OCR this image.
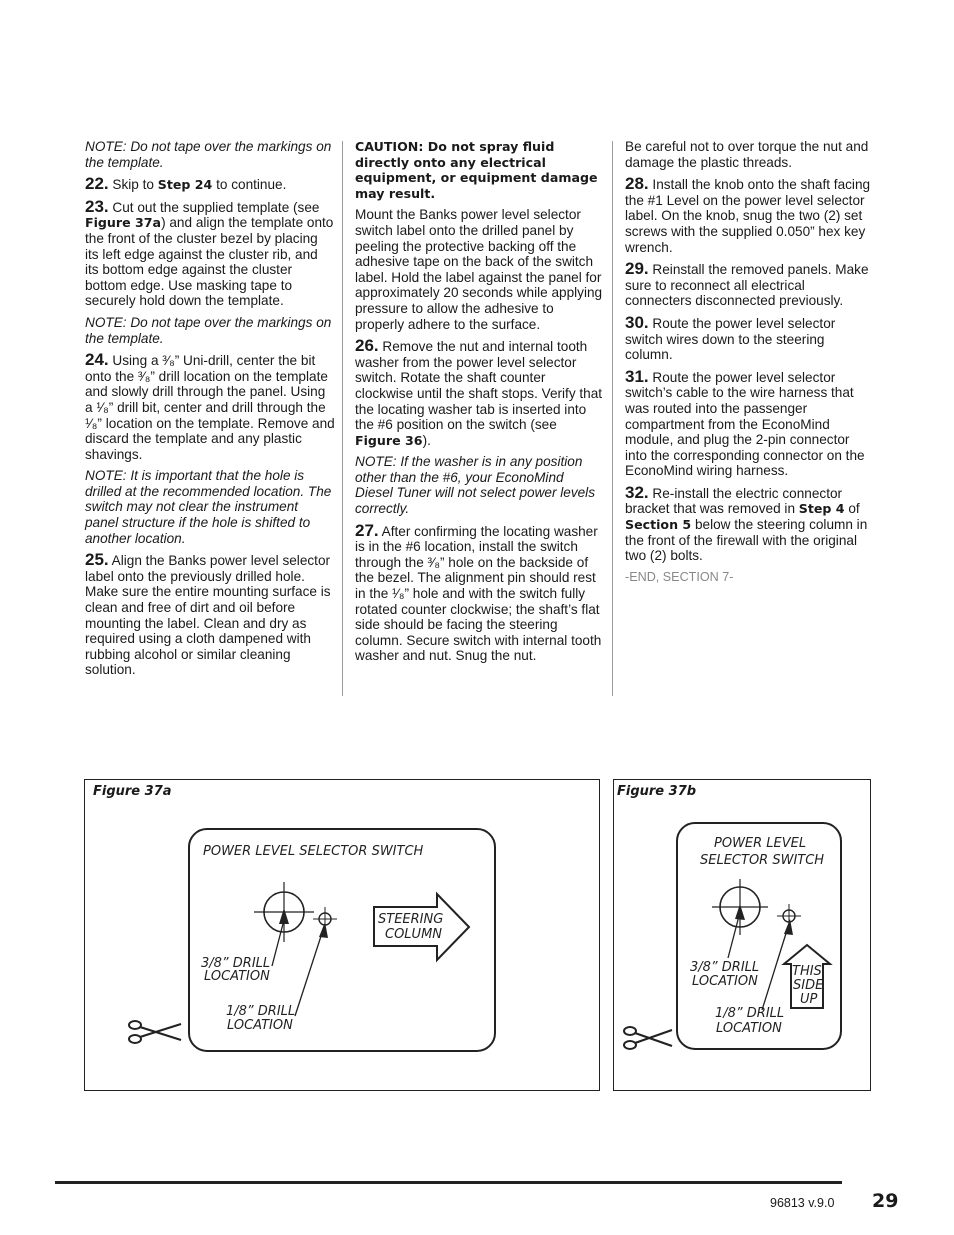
NOTE: Do not tape over the markings on the template.

22. Skip to Step 24 to continue.

23. Cut out the supplied template (see Figure 37a) and align the template onto the front of the cluster bezel by placing its left edge against the cluster rib, and its bottom edge against the cluster bottom edge. Use masking tape to securely hold down the template.

NOTE: Do not tape over the markings on the template.

24. Using a ³⁄₈” Uni-drill, center the bit onto the ³⁄₈” drill location on the template and slowly drill through the panel. Using a ¹⁄₈” drill bit, center and drill through the ¹⁄₈” location on the template. Remove and discard the template and any plastic shavings.

NOTE: It is important that the hole is drilled at the recommended location. The switch may not clear the instrument panel structure if the hole is shifted to another location.

25. Align the Banks power level selector label onto the previously drilled hole. Make sure the entire mounting surface is clean and free of dirt and oil before mounting the label. Clean and dry as required using a cloth dampened with rubbing alcohol or similar cleaning solution.

CAUTION: Do not spray fluid directly onto any electrical equipment, or equipment damage may result.

Mount the Banks power level selector switch label onto the drilled panel by peeling the protective backing off the adhesive tape on the back of the switch label. Hold the label against the panel for approximately 20 seconds while applying pressure to allow the adhesive to properly adhere to the surface.

26. Remove the nut and internal tooth washer from the power level selector switch. Rotate the shaft counter clockwise until the shaft stops. Verify that the locating washer tab is inserted into the #6 position on the switch (see Figure 36).

NOTE: If the washer is in any position other than the #6, your EconoMind Diesel Tuner will not select power levels correctly.

27. After confirming the locating washer is in the #6 location, install the switch through the ³⁄₈” hole on the backside of the bezel. The alignment pin should rest in the ¹⁄₈” hole and with the switch fully rotated counter clockwise; the shaft’s flat side should be facing the steering column. Secure switch with internal tooth washer and nut. Snug the nut.

Be careful not to over torque the nut and damage the plastic threads.

28. Install the knob onto the shaft facing the #1 Level on the power level selector label. On the knob, snug the two (2) set screws with the supplied 0.050” hex key wrench.

29. Reinstall the removed panels. Make sure to reconnect all electrical connecters disconnected previously.

30. Route the power level selector switch wires down to the steering column.

31. Route the power level selector switch’s cable to the wire harness that was routed into the passenger compartment from the EconoMind module, and plug the 2-pin connector into the corresponding connector on the EconoMind wiring harness.

32. Re-install the electric connector bracket that was removed in Step 4 of Section 5 below the steering column in the front of the firewall with the original two (2) bolts.

-END, SECTION 7-

Figure 37a
POWER LEVEL SELECTOR SWITCH
STEERING
COLUMN
3/8” DRILL
LOCATION
1/8” DRILL
LOCATION
Figure 37b
POWER LEVEL
SELECTOR SWITCH
THIS
SIDE
UP
3/8” DRILL
LOCATION
1/8” DRILL
LOCATION
96813 v.9.0 29
